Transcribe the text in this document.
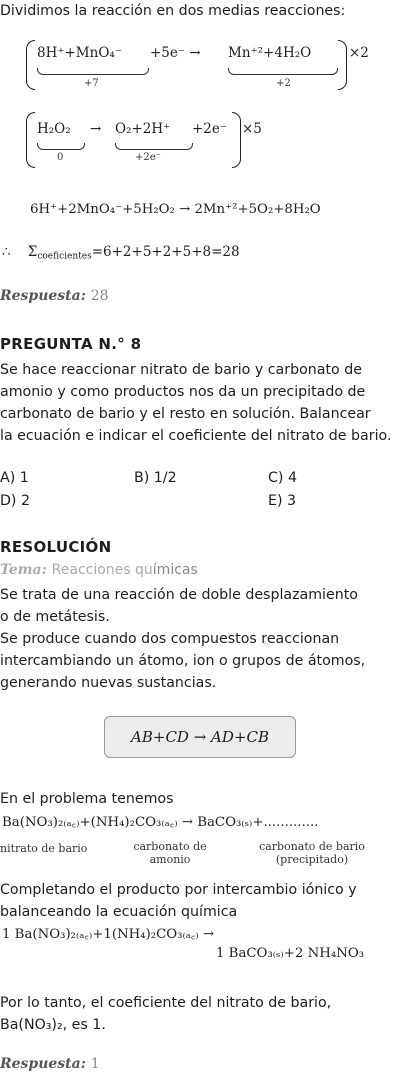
Dividimos la reacción en dos medias reacciones:
8H⁺+MnO₄⁻
+7
+5e⁻ → Mn⁺²+4H₂O
+2
×2
H₂O₂
0
→ O₂+2H⁺
+2e⁻
+2e⁻ ×5
6H⁺+2MnO₄⁻+5H₂O₂ → 2Mn⁺²+5O₂+8H₂O
∴ $\Sigma_{coeficientes}=6+2+5+2+5+8=28$
Respuesta: 28
PREGUNTA N.° 8
Se hace reaccionar nitrato de bario y carbonato de
amonio y como productos nos da un precipitado de
carbonato de bario y el resto en solución. Balancear
la ecuación e indicar el coeficiente del nitrato de bario.
A) 1	B) 1/2	C) 4
D) 2	E) 3
RESOLUCIÓN
Tema: Reacciones químicas
Se trata de una reacción de doble desplazamiento
o de metátesis.
Se produce cuando dos compuestos reaccionan
intercambiando un átomo, ion o grupos de átomos,
generando nuevas sustancias.
AB+CD → AD+CB
En el problema tenemos
Ba(NO₃)₂₍ₐ꜀₎+(NH₄)₂CO₃₍ₐ꜀₎ → BaCO₃₍ₛ₎+.............
nitrato de bario	carbonato de
amonio
carbonato de bario
(precipitado)
Completando el producto por intercambio iónico y
balanceando la ecuación química
1 Ba(NO₃)₂₍ₐ꜀₎+1(NH₄)₂CO₃₍ₐ꜀₎ →
1 BaCO₃₍ₛ₎+2 NH₄NO₃
Por lo tanto, el coeficiente del nitrato de bario,
Ba(NO₃)₂, es 1.
Respuesta: 1
